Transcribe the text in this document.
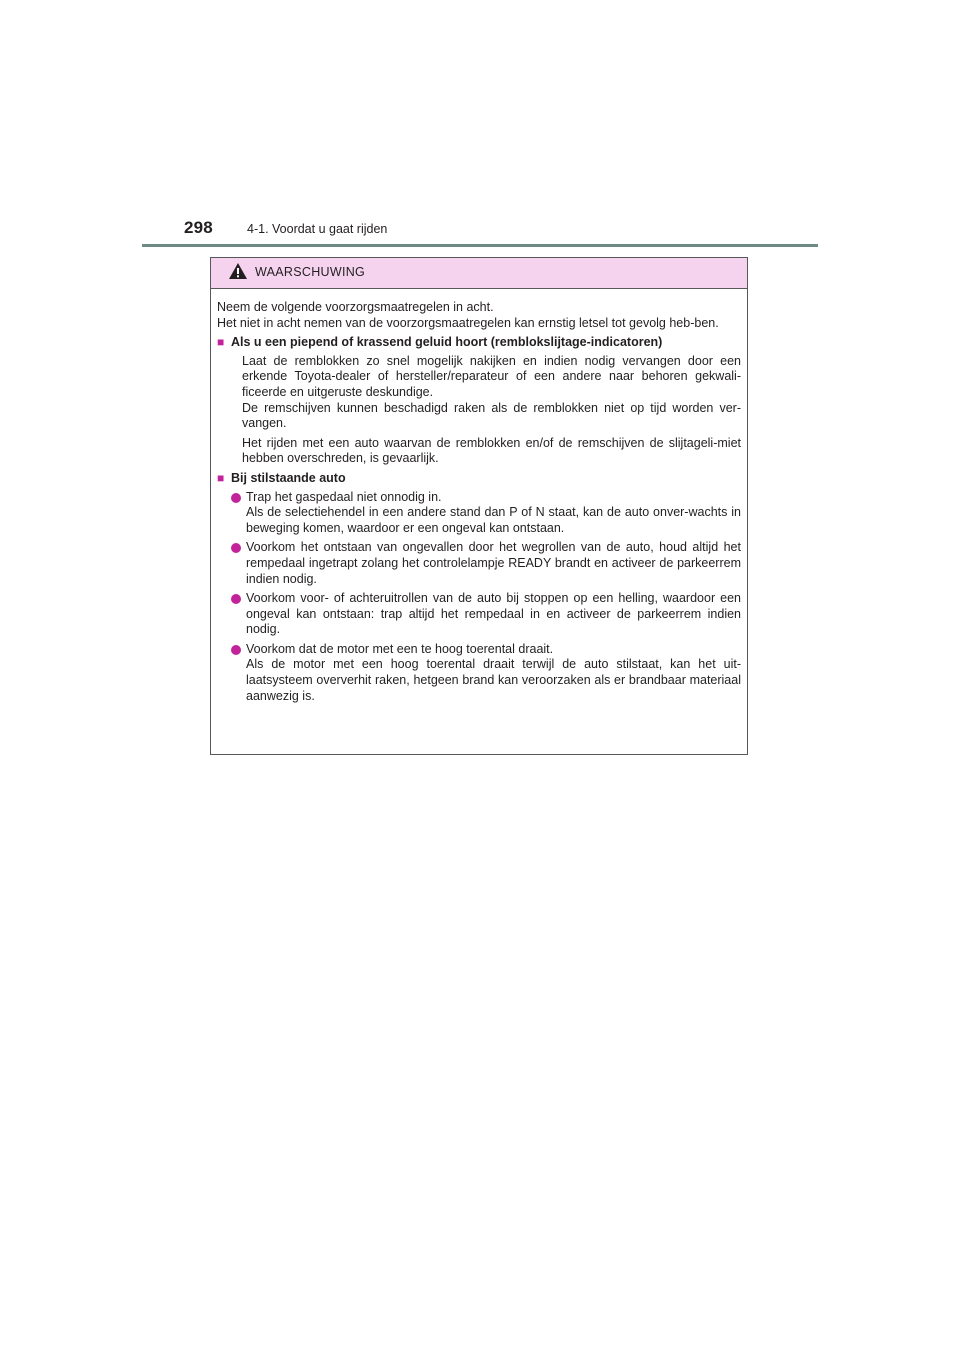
298	4-1. Voordat u gaat rijden
WAARSCHUWING
Neem de volgende voorzorgsmaatregelen in acht.
Het niet in acht nemen van de voorzorgsmaatregelen kan ernstig letsel tot gevolg heb-ben.
■ Als u een piepend of krassend geluid hoort (remblokslijtage-indicatoren)
Laat de remblokken zo snel mogelijk nakijken en indien nodig vervangen door een erkende Toyota-dealer of hersteller/reparateur of een andere naar behoren gekwali-ficeerde en uitgeruste deskundige.
De remschijven kunnen beschadigd raken als de remblokken niet op tijd worden ver-vangen.
Het rijden met een auto waarvan de remblokken en/of de remschijven de slijtageli-miet hebben overschreden, is gevaarlijk.
■ Bij stilstaande auto
Trap het gaspedaal niet onnodig in.
Als de selectiehendel in een andere stand dan P of N staat, kan de auto onver-wachts in beweging komen, waardoor er een ongeval kan ontstaan.
Voorkom het ontstaan van ongevallen door het wegrollen van de auto, houd altijd het rempedaal ingetrapt zolang het controlelampje READY brandt en activeer de parkeerrem indien nodig.
Voorkom voor- of achteruitrollen van de auto bij stoppen op een helling, waardoor een ongeval kan ontstaan: trap altijd het rempedaal in en activeer de parkeerrem indien nodig.
Voorkom dat de motor met een te hoog toerental draait.
Als de motor met een hoog toerental draait terwijl de auto stilstaat, kan het uit-laatsysteem oververhit raken, hetgeen brand kan veroorzaken als er brandbaar materiaal aanwezig is.
